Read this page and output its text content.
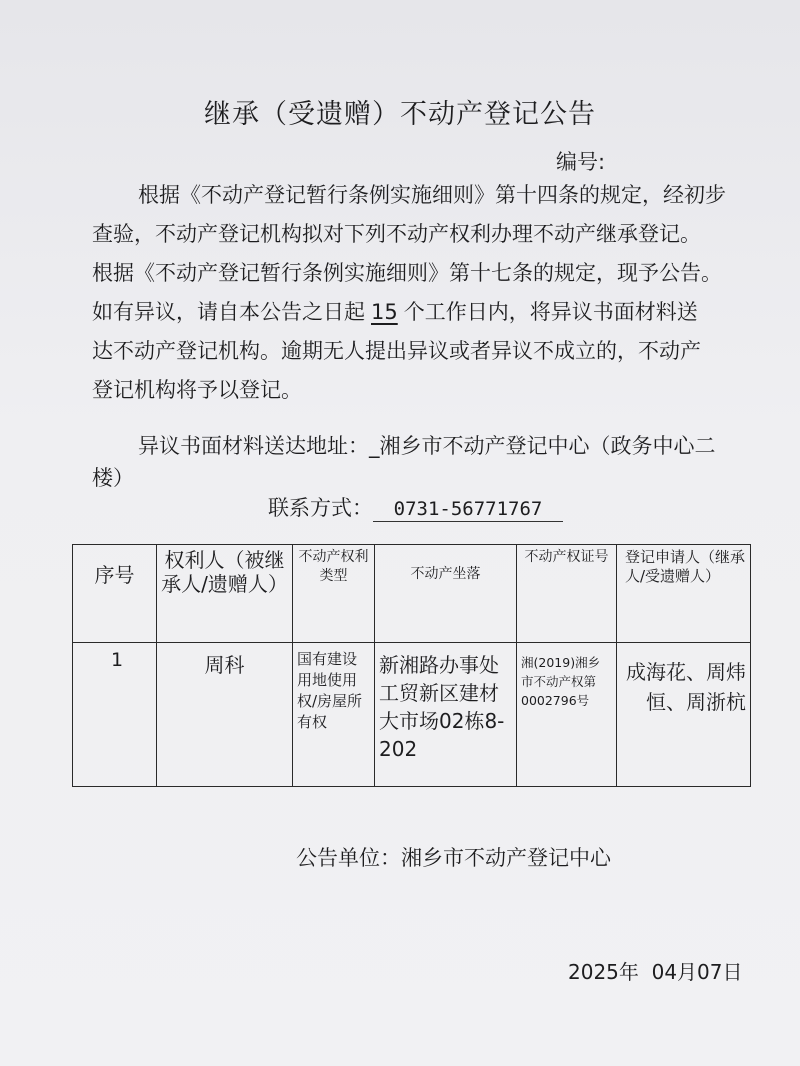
继承（受遗赠）不动产登记公告
编号:
根据《不动产登记暂行条例实施细则》第十四条的规定，经初步
查验，不动产登记机构拟对下列不动产权利办理不动产继承登记。
根据《不动产登记暂行条例实施细则》第十七条的规定，现予公告。
如有异议，请自本公告之日起 15 个工作日内，将异议书面材料送
达不动产登记机构。逾期无人提出异议或者异议不成立的，不动产
登记机构将予以登记。
异议书面材料送达地址：_湘乡市不动产登记中心（政务中心二
楼）
联系方式： 0731-56771767
序号	权利人（被继承人/遗赠人）	不动产权利类型	不动产坐落	不动产权证号	登记申请人（继承人/受遗赠人）
1	周科	国有建设用地使用权/房屋所有权	新湘路办事处工贸新区建材大市场02栋8-202	湘(2019)湘乡市不动产权第0002796号	成海花、周炜恒、周浙杭
公告单位：湘乡市不动产登记中心
2025年  04月07日
